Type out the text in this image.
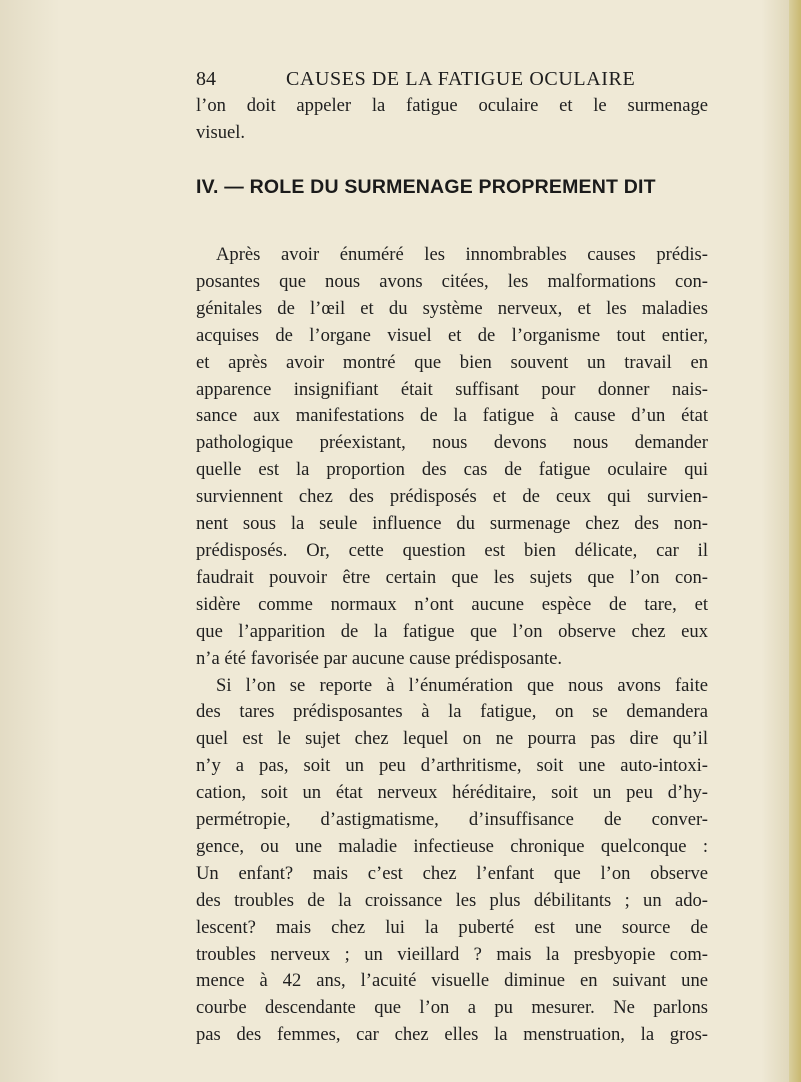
84	CAUSES DE LA FATIGUE OCULAIRE
l’on doit appeler la fatigue oculaire et le surmenage
visuel.
IV. — ROLE DU SURMENAGE PROPREMENT DIT
Après avoir énuméré les innombrables causes prédis-
posantes que nous avons citées, les malformations con-
génitales de l’œil et du système nerveux, et les maladies
acquises de l’organe visuel et de l’organisme tout entier,
et après avoir montré que bien souvent un travail en
apparence insignifiant était suffisant pour donner nais-
sance aux manifestations de la fatigue à cause d’un état
pathologique préexistant, nous devons nous demander
quelle est la proportion des cas de fatigue oculaire qui
surviennent chez des prédisposés et de ceux qui survien-
nent sous la seule influence du surmenage chez des non-
prédisposés. Or, cette question est bien délicate, car il
faudrait pouvoir être certain que les sujets que l’on con-
sidère comme normaux n’ont aucune espèce de tare, et
que l’apparition de la fatigue que l’on observe chez eux
n’a été favorisée par aucune cause prédisposante.
Si l’on se reporte à l’énumération que nous avons faite
des tares prédisposantes à la fatigue, on se demandera
quel est le sujet chez lequel on ne pourra pas dire qu’il
n’y a pas, soit un peu d’arthritisme, soit une auto-intoxi-
cation, soit un état nerveux héréditaire, soit un peu d’hy-
permétropie, d’astigmatisme, d’insuffisance de conver-
gence, ou une maladie infectieuse chronique quelconque :
Un enfant? mais c’est chez l’enfant que l’on observe
des troubles de la croissance les plus débilitants ; un ado-
lescent? mais chez lui la puberté est une source de
troubles nerveux ; un vieillard ? mais la presbyopie com-
mence à 42 ans, l’acuité visuelle diminue en suivant une
courbe descendante que l’on a pu mesurer. Ne parlons
pas des femmes, car chez elles la menstruation, la gros-
